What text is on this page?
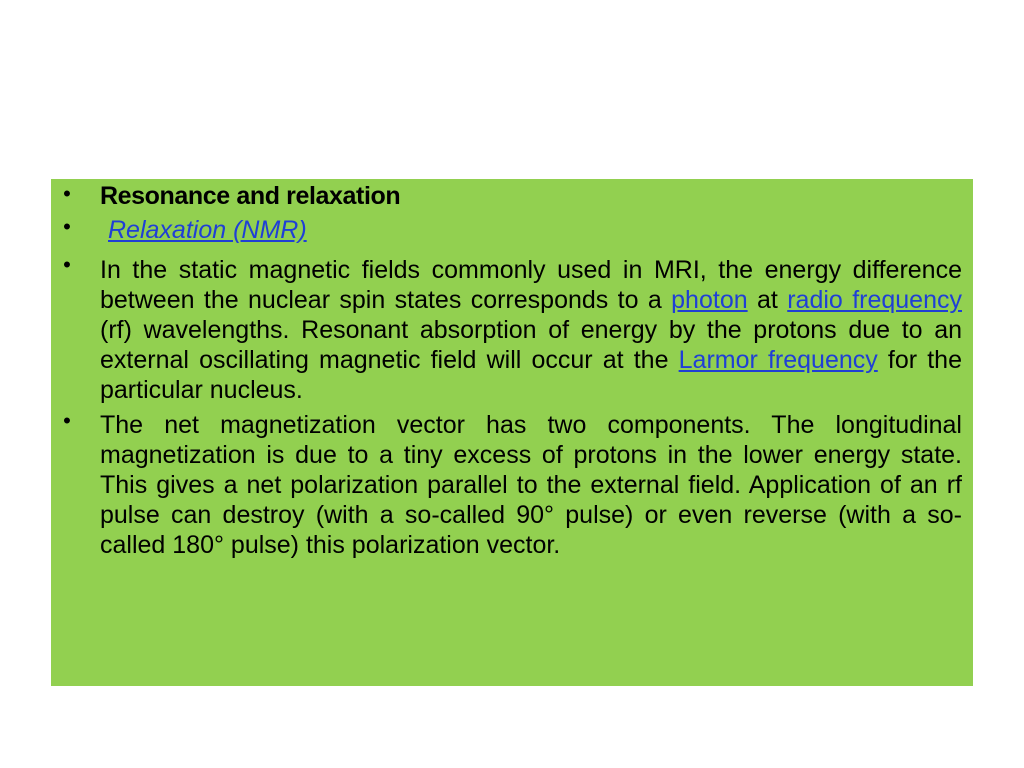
• Resonance and relaxation
• Relaxation (NMR)
• In the static magnetic fields commonly used in MRI, the energy difference between the nuclear spin states corresponds to a photon at radio frequency (rf) wavelengths. Resonant absorption of energy by the protons due to an external oscillating magnetic field will occur at the Larmor frequency for the particular nucleus.
• The net magnetization vector has two components. The longitudinal magnetization is due to a tiny excess of protons in the lower energy state. This gives a net polarization parallel to the external field. Application of an rf pulse can destroy (with a so-called 90° pulse) or even reverse (with a so-called 180° pulse) this polarization vector.
